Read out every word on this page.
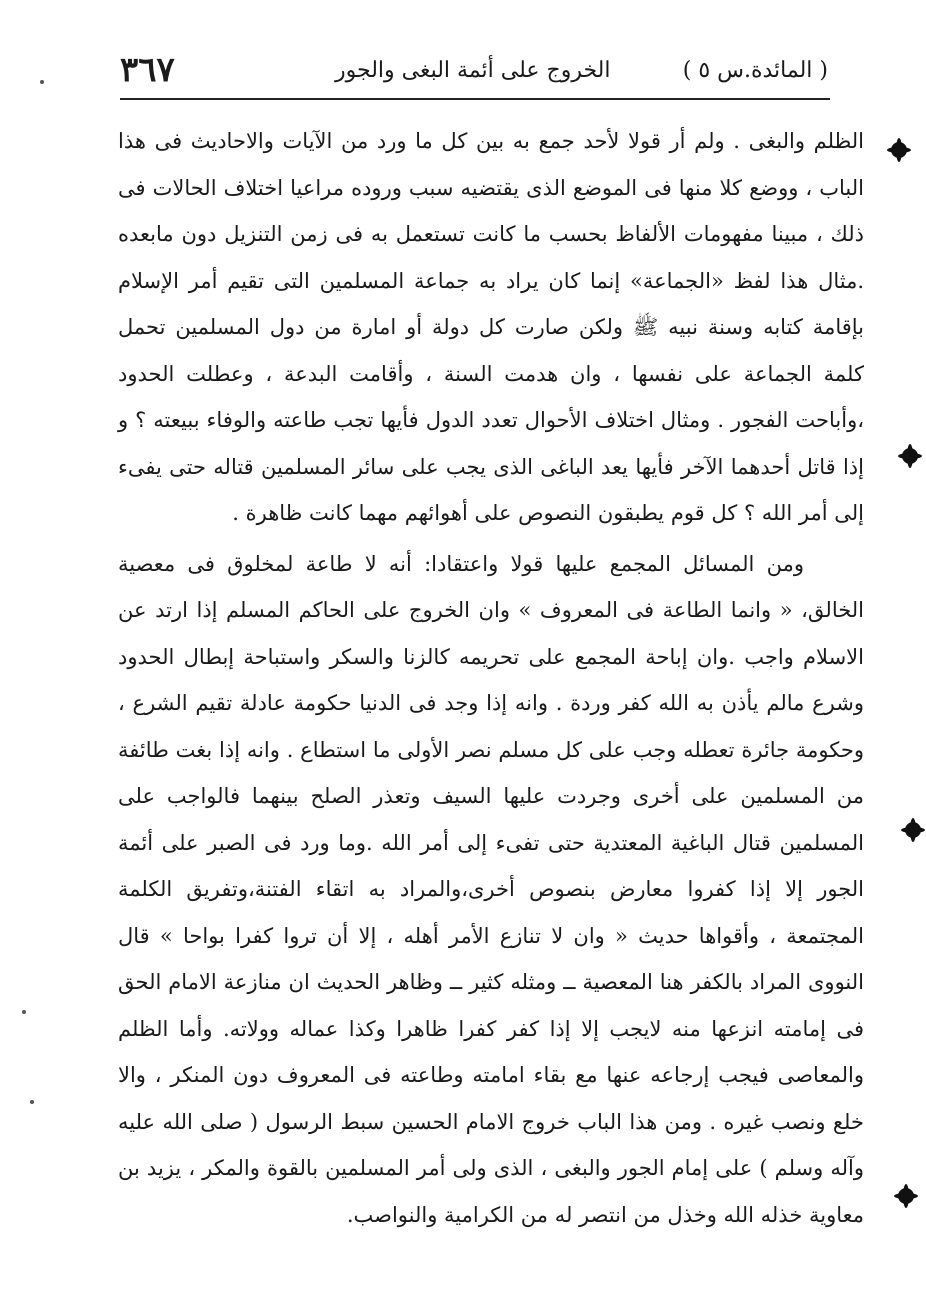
( المائدة.س ٥ )
الخروج على أئمة البغى والجور
٣٦٧

الظلم والبغى . ولم أر قولا لأحد جمع به بين كل ما ورد من الآيات والاحاديث فى هذا الباب ، ووضع كلا منها فى الموضع الذى يقتضيه سبب وروده مراعيا اختلاف الحالات فى ذلك ، مبينا مفهومات الألفاظ بحسب ما كانت تستعمل به فى زمن التنزيل دون مابعده .مثال هذا لفظ «الجماعة» إنما كان يراد به جماعة المسلمين التى تقيم أمر الإسلام بإقامة كتابه وسنة نبيه ﷺ ولكن صارت كل دولة أو امارة من دول المسلمين تحمل كلمة الجماعة على نفسها ، وان هدمت السنة ، وأقامت البدعة ، وعطلت الحدود ،وأباحت الفجور . ومثال اختلاف الأحوال تعدد الدول فأيها تجب طاعته والوفاء ببيعته ؟ و إذا قاتل أحدهما الآخر فأيها يعد الباغى الذى يجب على سائر المسلمين قتاله حتى يفىء إلى أمر الله ؟ كل قوم يطبقون النصوص على أهوائهم مهما كانت ظاهرة .

ومن المسائل المجمع عليها قولا واعتقادا: أنه لا طاعة لمخلوق فى معصية الخالق، « وانما الطاعة فى المعروف » وان الخروج على الحاكم المسلم إذا ارتد عن الاسلام واجب .وان إباحة المجمع على تحريمه كالزنا والسكر واستباحة إبطال الحدود وشرع مالم يأذن به الله كفر وردة . وانه إذا وجد فى الدنيا حكومة عادلة تقيم الشرع ، وحكومة جائرة تعطله وجب على كل مسلم نصر الأولى ما استطاع . وانه إذا بغت طائفة من المسلمين على أخرى وجردت عليها السيف وتعذر الصلح بينهما فالواجب على المسلمين قتال الباغية المعتدية حتى تفىء إلى أمر الله .وما ورد فى الصبر على أئمة الجور إلا إذا كفروا معارض بنصوص أخرى،والمراد به اتقاء الفتنة،وتفريق الكلمة المجتمعة ، وأقواها حديث « وان لا تنازع الأمر أهله ، إلا أن تروا كفرا بواحا » قال النووى المراد بالكفر هنا المعصية ــ ومثله كثير ــ وظاهر الحديث ان منازعة الامام الحق فى إمامته انزعها منه لايجب إلا إذا كفر كفرا ظاهرا وكذا عماله وولاته. وأما الظلم والمعاصى فيجب إرجاعه عنها مع بقاء امامته وطاعته فى المعروف دون المنكر ، والا خلع ونصب غيره . ومن هذا الباب خروج الامام الحسين سبط الرسول ( صلى الله عليه وآله وسلم ) على إمام الجور والبغى ، الذى ولى أمر المسلمين بالقوة والمكر ، يزيد بن معاوية خذله الله وخذل من انتصر له من الكرامية والنواصب.
